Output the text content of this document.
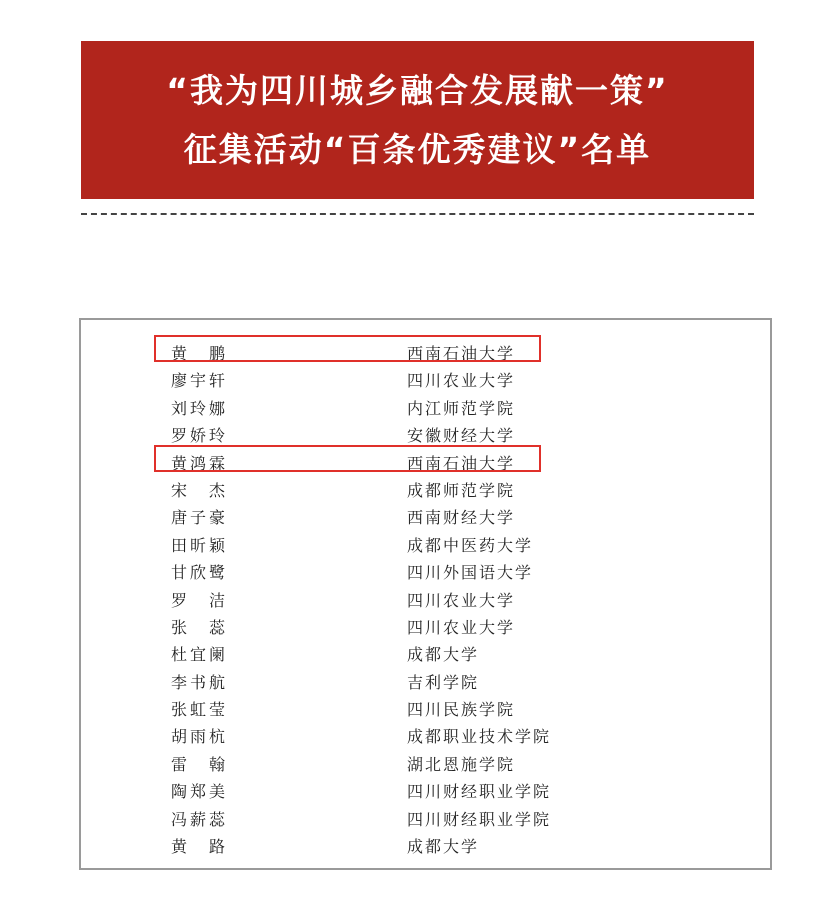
“我为四川城乡融合发展献一策”
征集活动“百条优秀建议”名单
黄　鹏	西南石油大学
廖宇轩	四川农业大学
刘玲娜	内江师范学院
罗娇玲	安徽财经大学
黄鸿霖	西南石油大学
宋　杰	成都师范学院
唐子豪	西南财经大学
田昕颖	成都中医药大学
甘欣鹭	四川外国语大学
罗　洁	四川农业大学
张　蕊	四川农业大学
杜宜阑	成都大学
李书航	吉利学院
张虹莹	四川民族学院
胡雨杭	成都职业技术学院
雷　翰	湖北恩施学院
陶郑美	四川财经职业学院
冯薪蕊	四川财经职业学院
黄　路	成都大学
